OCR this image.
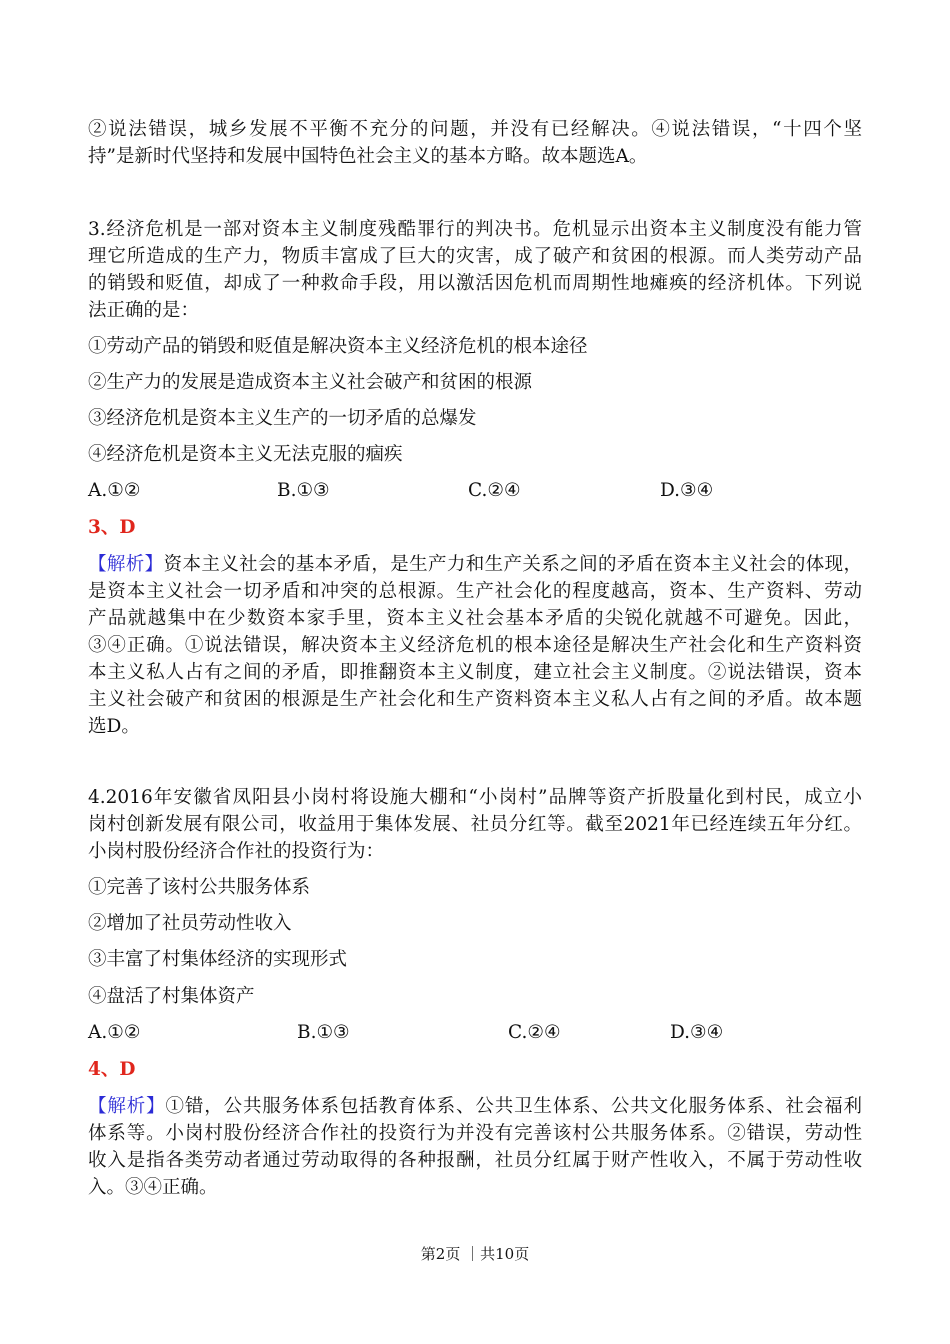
②说法错误，城乡发展不平衡不充分的问题，并没有已经解决。④说法错误，“十四个坚
持”是新时代坚持和发展中国特色社会主义的基本方略。故本题选A。
3.经济危机是一部对资本主义制度残酷罪行的判决书。危机显示出资本主义制度没有能力管
理它所造成的生产力，物质丰富成了巨大的灾害，成了破产和贫困的根源。而人类劳动产品
的销毁和贬值，却成了一种救命手段，用以激活因危机而周期性地瘫痪的经济机体。下列说
法正确的是：
①劳动产品的销毁和贬值是解决资本主义经济危机的根本途径
②生产力的发展是造成资本主义社会破产和贫困的根源
③经济危机是资本主义生产的一切矛盾的总爆发
④经济危机是资本主义无法克服的痼疾
A.①②	B.①③	C.②④	D.③④
3、D
【解析】资本主义社会的基本矛盾，是生产力和生产关系之间的矛盾在资本主义社会的体现，
是资本主义社会一切矛盾和冲突的总根源。生产社会化的程度越高，资本、生产资料、劳动
产品就越集中在少数资本家手里，资本主义社会基本矛盾的尖锐化就越不可避免。因此，
③④正确。①说法错误，解决资本主义经济危机的根本途径是解决生产社会化和生产资料资
本主义私人占有之间的矛盾，即推翻资本主义制度，建立社会主义制度。②说法错误，资本
主义社会破产和贫困的根源是生产社会化和生产资料资本主义私人占有之间的矛盾。故本题
选D。
4.2016年安徽省凤阳县小岗村将设施大棚和“小岗村”品牌等资产折股量化到村民，成立小
岗村创新发展有限公司，收益用于集体发展、社员分红等。截至2021年已经连续五年分红。
小岗村股份经济合作社的投资行为：
①完善了该村公共服务体系
②增加了社员劳动性收入
③丰富了村集体经济的实现形式
④盘活了村集体资产
A.①②	B.①③	C.②④	D.③④
4、D
【解析】①错，公共服务体系包括教育体系、公共卫生体系、公共文化服务体系、社会福利
体系等。小岗村股份经济合作社的投资行为并没有完善该村公共服务体系。②错误，劳动性
收入是指各类劳动者通过劳动取得的各种报酬，社员分红属于财产性收入，不属于劳动性收
入。③④正确。
第2页 ｜共10页
